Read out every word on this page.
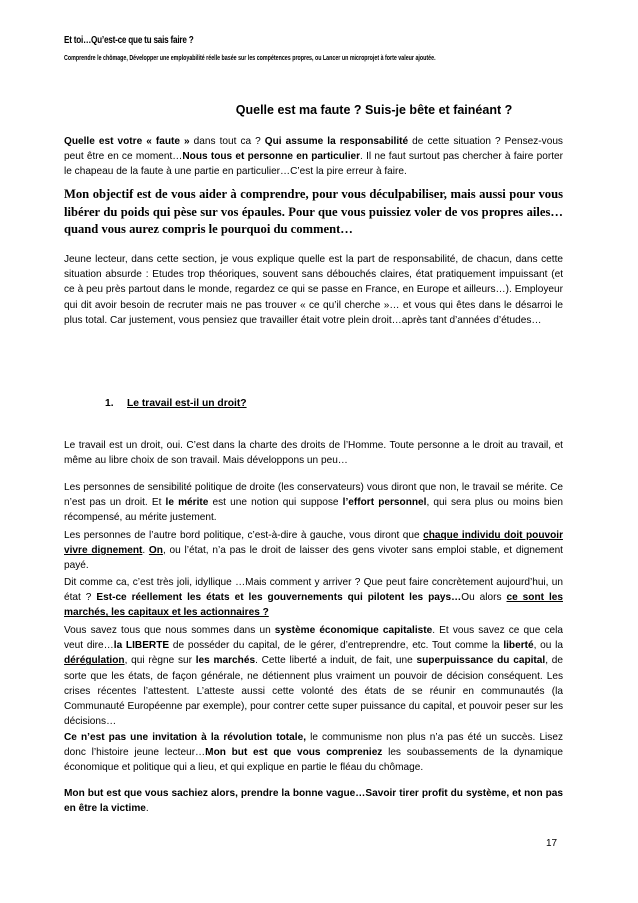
Et toi…Qu’est-ce que tu sais faire ?
Comprendre le chômage, Développer une employabilité réelle basée sur les compétences propres, ou Lancer un microprojet à forte valeur ajoutée.
Quelle est ma faute ? Suis-je bête et fainéant ?
Quelle est votre « faute » dans tout ca ? Qui assume la responsabilité de cette situation ? Pensez-vous peut être en ce moment…Nous tous et personne en particulier. Il ne faut surtout pas chercher à faire porter le chapeau de la faute à une partie en particulier…C’est la pire erreur à faire.
Mon objectif est de vous aider à comprendre, pour vous déculpabiliser, mais aussi pour vous libérer du poids qui pèse sur vos épaules. Pour que vous puissiez voler de vos propres ailes…quand vous aurez compris le pourquoi du comment…
Jeune lecteur, dans cette section, je vous explique quelle est la part de responsabilité, de chacun, dans cette situation absurde : Etudes trop théoriques, souvent sans débouchés claires, état pratiquement impuissant (et ce à peu près partout dans le monde, regardez ce qui se passe en France, en Europe et ailleurs…). Employeur qui dit avoir besoin de recruter mais ne pas trouver « ce qu’il cherche »… et vous qui êtes dans le désarroi le plus total. Car justement, vous pensiez que travailler était votre plein droit…après tant d’années d’études…
1. Le travail est-il un droit?
Le travail est un droit, oui. C’est dans la charte des droits de l’Homme. Toute personne a le droit au travail, et même au libre choix de son travail. Mais développons un peu…
Les personnes de sensibilité politique de droite (les conservateurs) vous diront que non, le travail se mérite. Ce n’est pas un droit. Et le mérite est une notion qui suppose l’effort personnel, qui sera plus ou moins bien récompensé, au mérite justement.
Les personnes de l’autre bord politique, c’est-à-dire à gauche, vous diront que chaque individu doit pouvoir vivre dignement. On, ou l’état, n’a pas le droit de laisser des gens vivoter sans emploi stable, et dignement payé.
Dit comme ca, c’est très joli, idyllique …Mais comment y arriver ? Que peut faire concrètement aujourd’hui, un état ? Est-ce réellement les états et les gouvernements qui pilotent les pays…Ou alors ce sont les marchés, les capitaux et les actionnaires ?
Vous savez tous que nous sommes dans un système économique capitaliste. Et vous savez ce que cela veut dire…la LIBERTE de posséder du capital, de le gérer, d’entreprendre, etc. Tout comme la liberté, ou la dérégulation, qui règne sur les marchés. Cette liberté a induit, de fait, une superpuissance du capital, de sorte que les états, de façon générale, ne détiennent plus vraiment un pouvoir de décision conséquent. Les crises récentes l’attestent. L’atteste aussi cette volonté des états de se réunir en communautés (la Communauté Européenne par exemple), pour contrer cette super puissance du capital, et pouvoir peser sur les décisions…
Ce n’est pas une invitation à la révolution totale, le communisme non plus n’a pas été un succès. Lisez donc l’histoire jeune lecteur…Mon but est que vous compreniez les soubassements de la dynamique économique et politique qui a lieu, et qui explique en partie le fléau du chômage.
Mon but est que vous sachiez alors, prendre la bonne vague…Savoir tirer profit du système, et non pas en être la victime.
17
